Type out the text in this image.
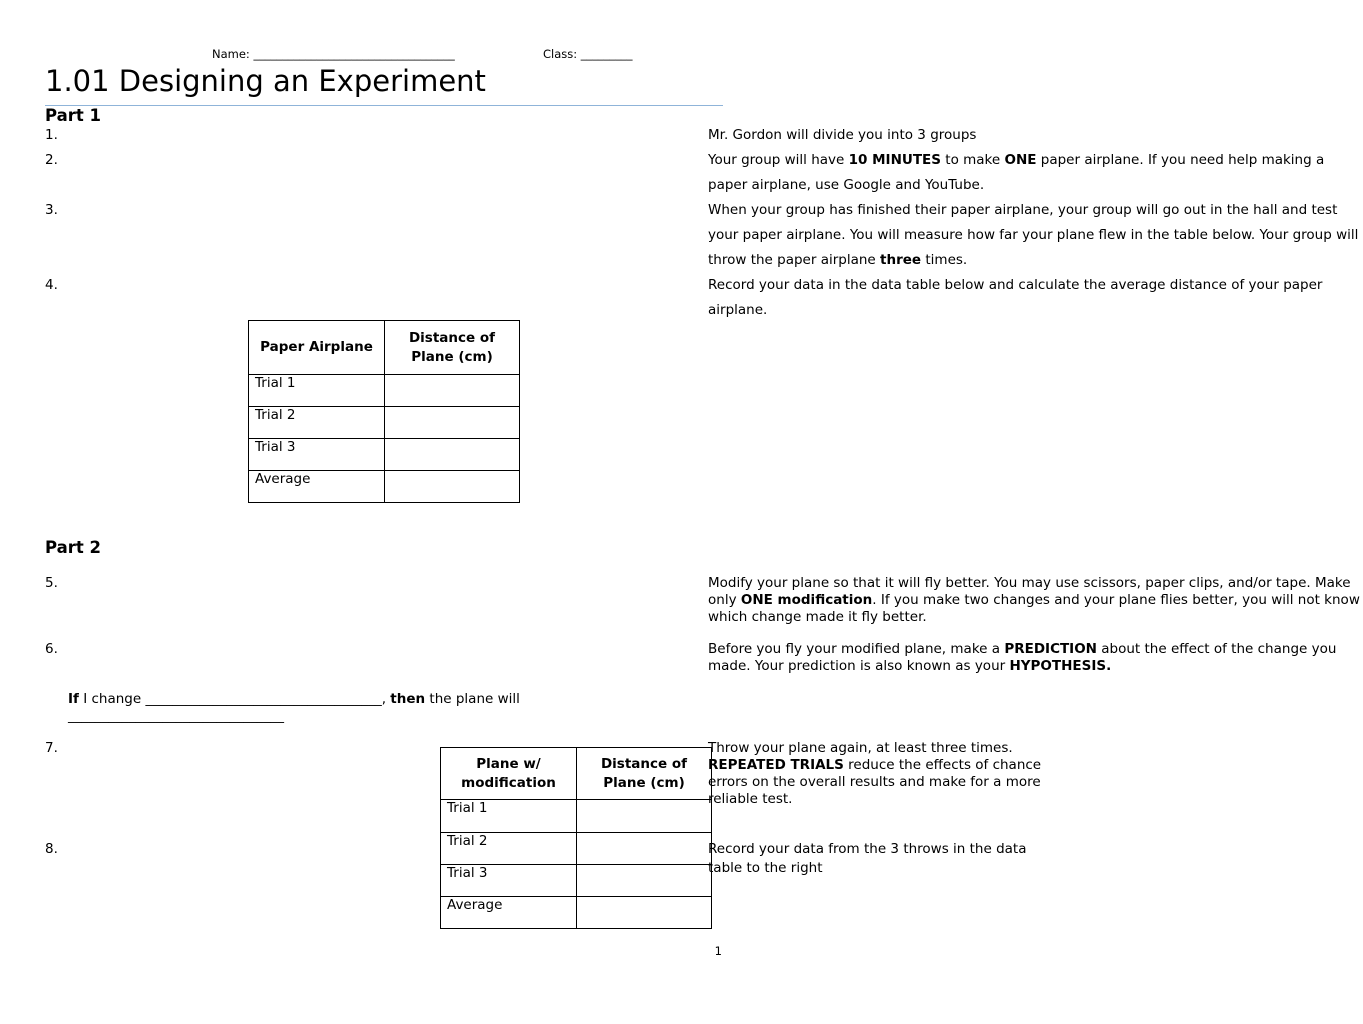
Name: ___________________________________	Class: _________
1.01 Designing an Experiment
Part 1
1.	Mr. Gordon will divide you into 3 groups
2.	Your group will have 10 MINUTES to make ONE paper airplane. If you need help making a paper airplane, use Google and YouTube.
3.	When your group has finished their paper airplane, your group will go out in the hall and test your paper airplane. You will measure how far your plane flew in the table below. Your group will throw the paper airplane three times.
4.	Record your data in the data table below and calculate the average distance of your paper airplane.
Paper Airplane	Distance of Plane (cm)
Trial 1	
Trial 2	
Trial 3	
Average	
Part 2
5.	Modify your plane so that it will fly better. You may use scissors, paper clips, and/or tape. Make only ONE modification. If you make two changes and your plane flies better, you will not know which change made it fly better.
6.	Before you fly your modified plane, make a PREDICTION about the effect of the change you made. Your prediction is also known as your HYPOTHESIS.
If I change ___________________________________, then the plane will ________________________________
7.	Throw your plane again, at least three times. REPEATED TRIALS reduce the effects of chance errors on the overall results and make for a more reliable test.
8.	Record your data from the 3 throws in the data table to the right
Plane w/ modification	Distance of Plane (cm)
Trial 1	
Trial 2	
Trial 3	
Average	
1
